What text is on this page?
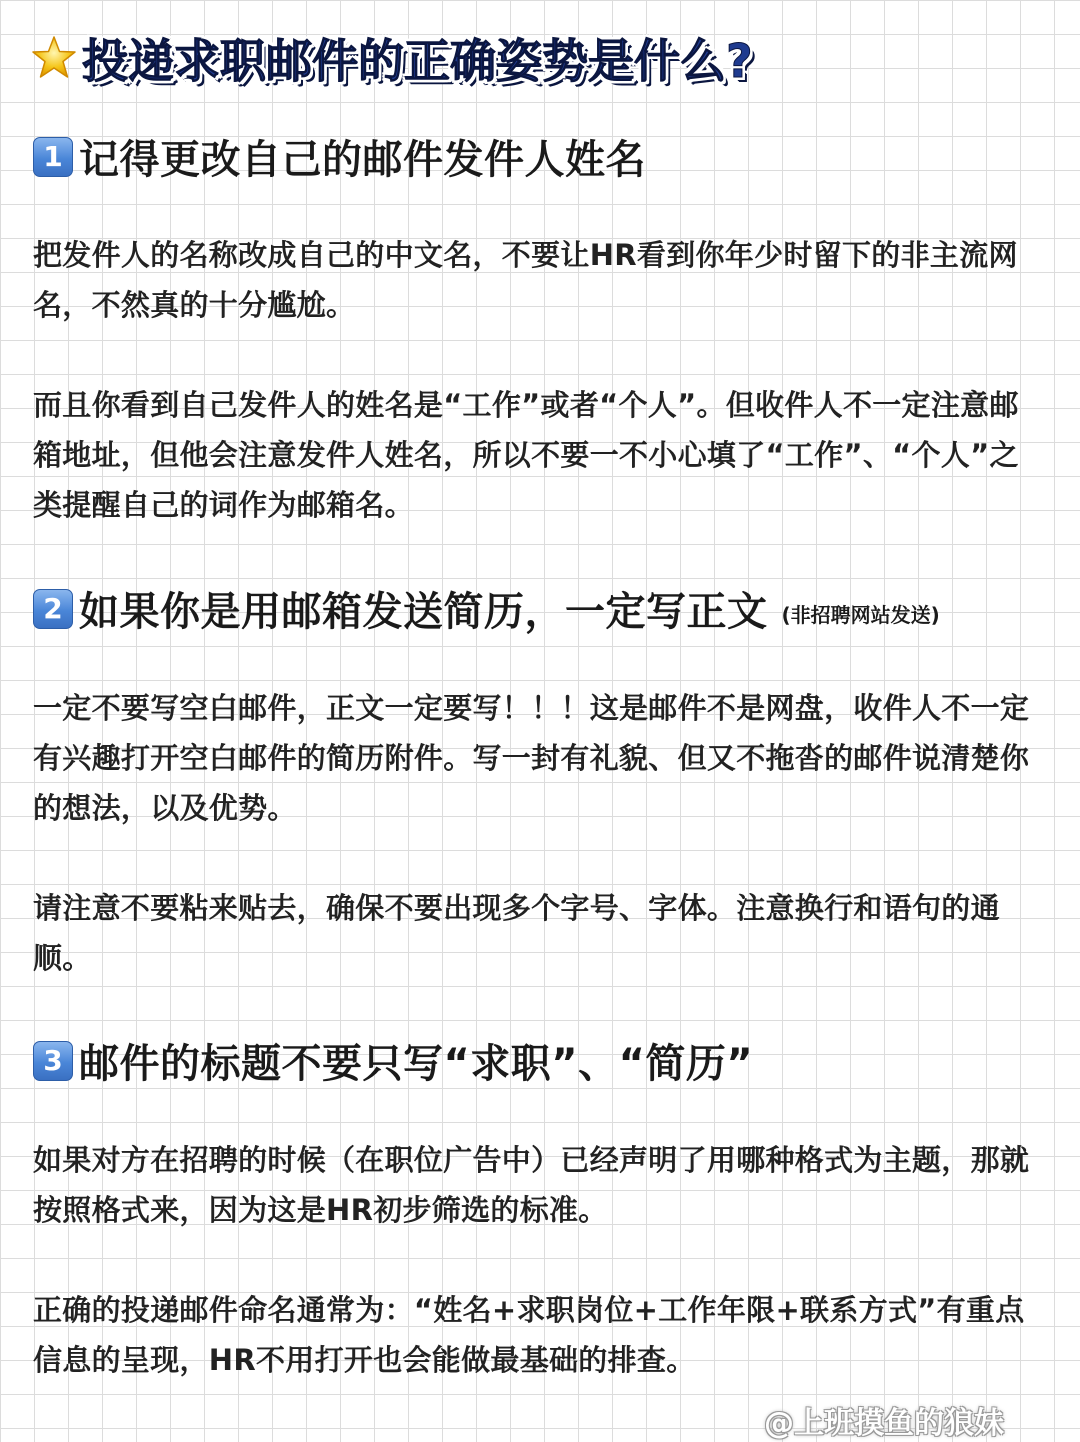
投递求职邮件的正确姿势是什么?
1 记得更改自己的邮件发件人姓名

把发件人的名称改成自己的中文名，不要让HR看到你年少时留下的非主流网名，不然真的十分尴尬。

而且你看到自己发件人的姓名是“工作”或者“个人”。但收件人不一定注意邮箱地址，但他会注意发件人姓名，所以不要一不小心填了“工作”、“个人”之类提醒自己的词作为邮箱名。

2 如果你是用邮箱发送简历，一定写正文 (非招聘网站发送)

一定不要写空白邮件，正文一定要写！！！这是邮件不是网盘，收件人不一定有兴趣打开空白邮件的简历附件。写一封有礼貌、但又不拖沓的邮件说清楚你的想法，以及优势。

请注意不要粘来贴去，确保不要出现多个字号、字体。注意换行和语句的通顺。

3 邮件的标题不要只写“求职”、“简历”

如果对方在招聘的时候（在职位广告中）已经声明了用哪种格式为主题，那就按照格式来，因为这是HR初步筛选的标准。

正确的投递邮件命名通常为：“姓名+求职岗位+工作年限+联系方式”有重点信息的呈现，HR不用打开也会能做最基础的排查。

@上班摸鱼的狼妹
